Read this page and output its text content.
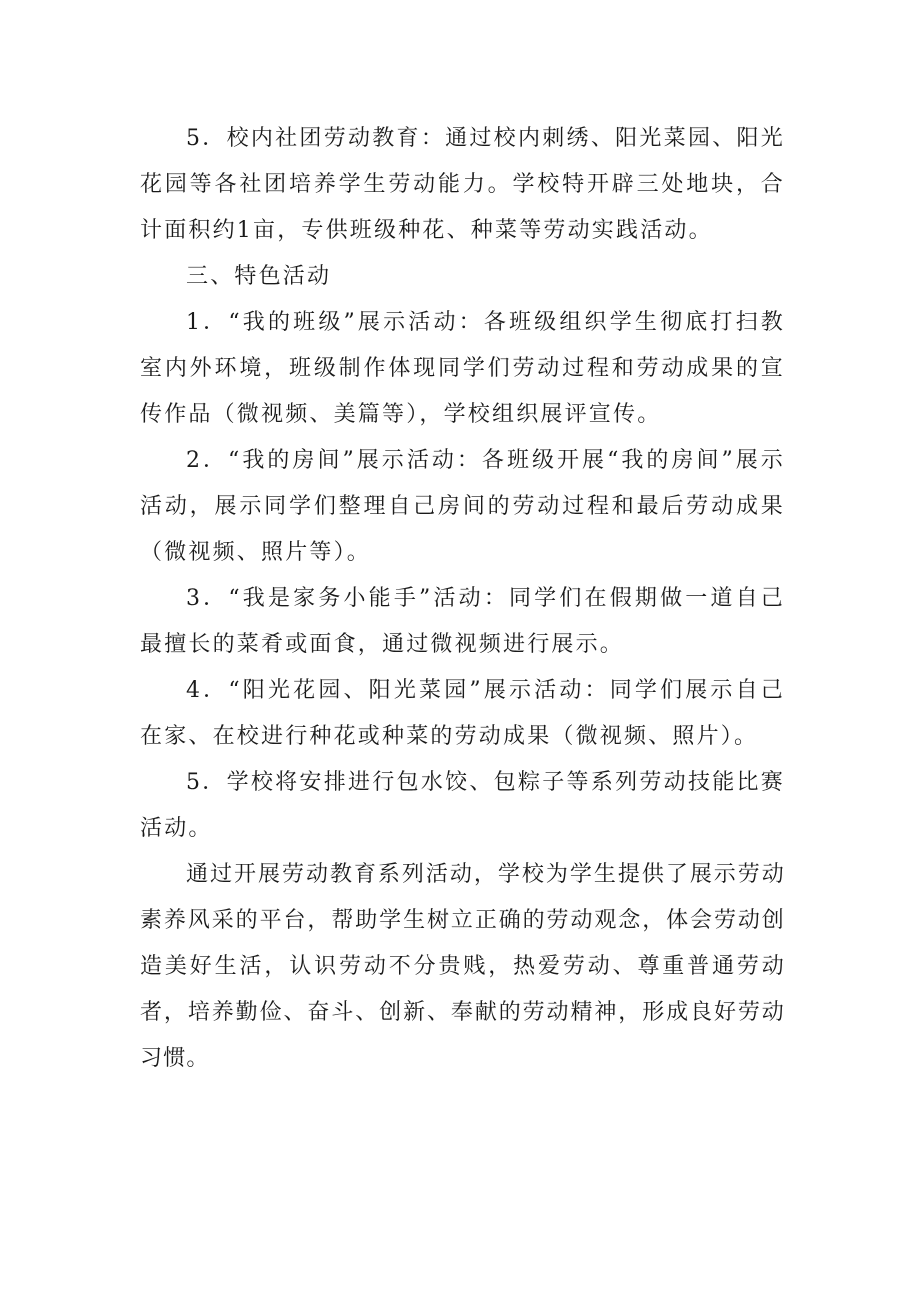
5．校内社团劳动教育：通过校内刺绣、阳光菜园、阳光花园等各社团培养学生劳动能力。学校特开辟三处地块，合计面积约1亩，专供班级种花、种菜等劳动实践活动。

三、特色活动

1．“我的班级”展示活动：各班级组织学生彻底打扫教室内外环境，班级制作体现同学们劳动过程和劳动成果的宣传作品（微视频、美篇等），学校组织展评宣传。

2．“我的房间”展示活动：各班级开展“我的房间”展示活动，展示同学们整理自己房间的劳动过程和最后劳动成果（微视频、照片等）。

3．“我是家务小能手”活动：同学们在假期做一道自己最擅长的菜肴或面食，通过微视频进行展示。

4．“阳光花园、阳光菜园”展示活动：同学们展示自己在家、在校进行种花或种菜的劳动成果（微视频、照片）。

5．学校将安排进行包水饺、包粽子等系列劳动技能比赛活动。

通过开展劳动教育系列活动，学校为学生提供了展示劳动素养风采的平台，帮助学生树立正确的劳动观念，体会劳动创造美好生活，认识劳动不分贵贱，热爱劳动、尊重普通劳动者，培养勤俭、奋斗、创新、奉献的劳动精神，形成良好劳动习惯。
